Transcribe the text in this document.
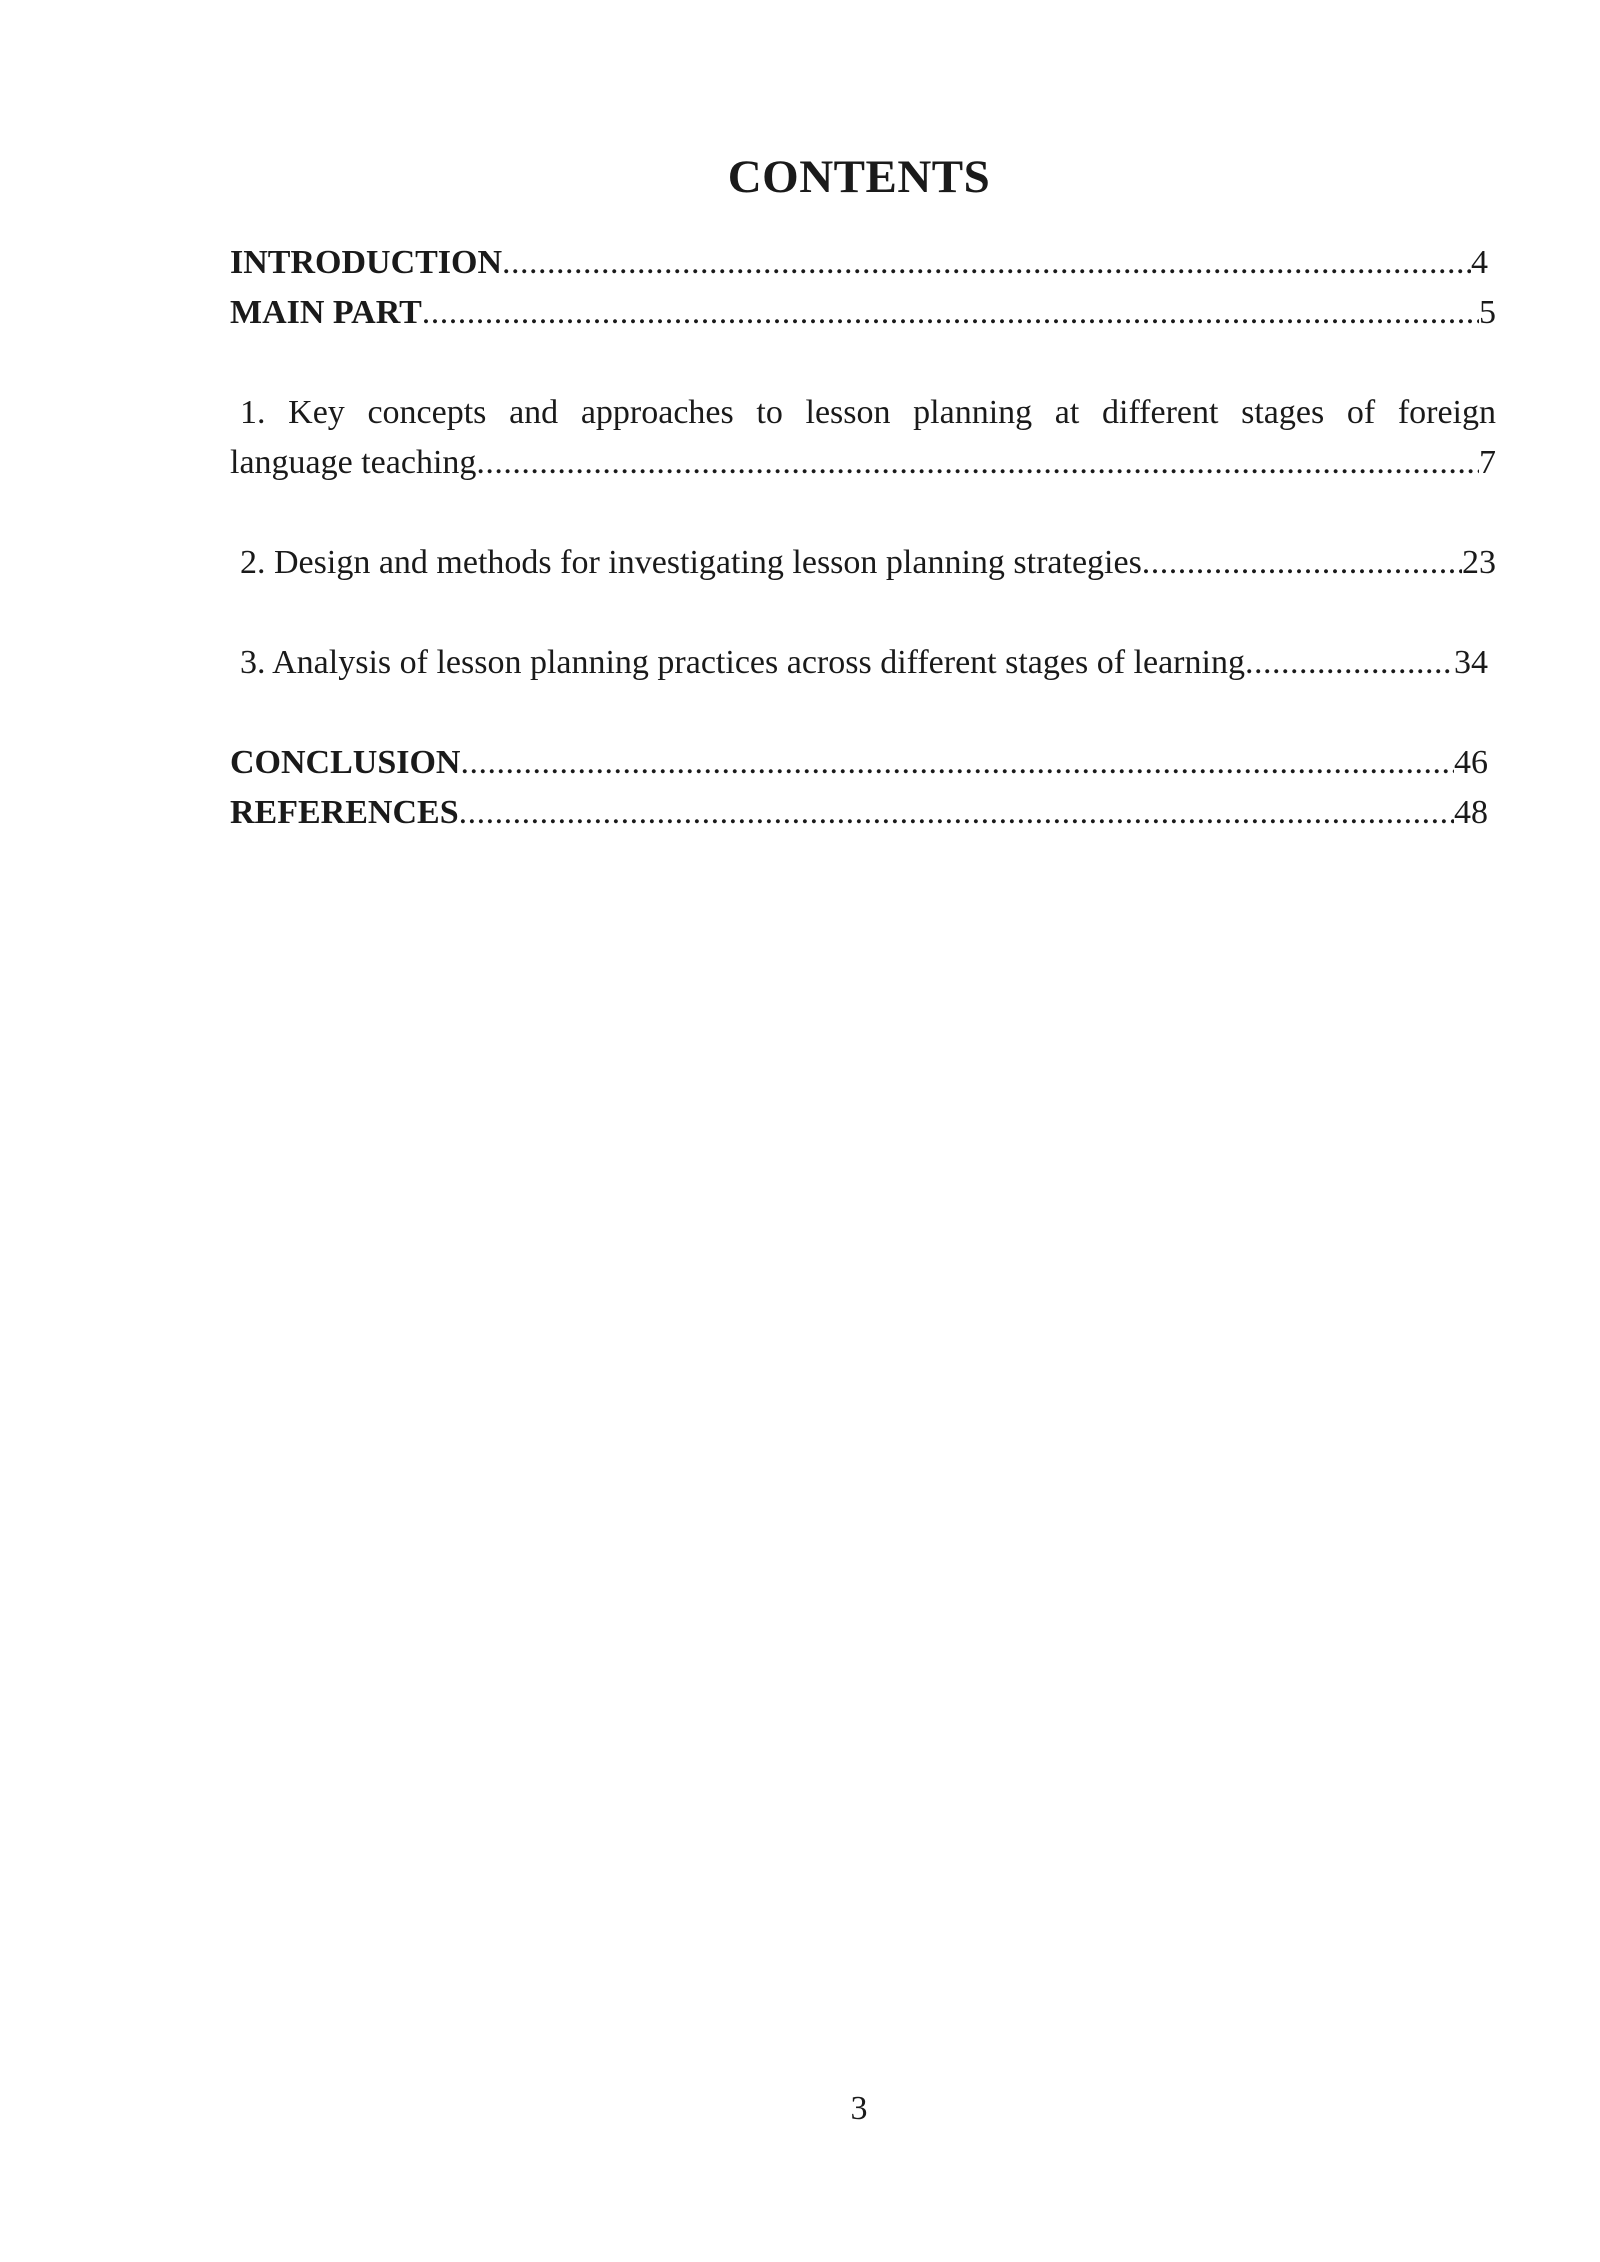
CONTENTS
INTRODUCTION .....	4
MAIN PART .....	5
1. Key concepts and approaches to lesson planning at different stages of foreign
language teaching .....	7
2. Design and methods for investigating lesson planning strategies .....	23
3. Analysis of lesson planning practices across different stages of learning .....	34
CONCLUSION .....	46
REFERENCES .....	48
3
